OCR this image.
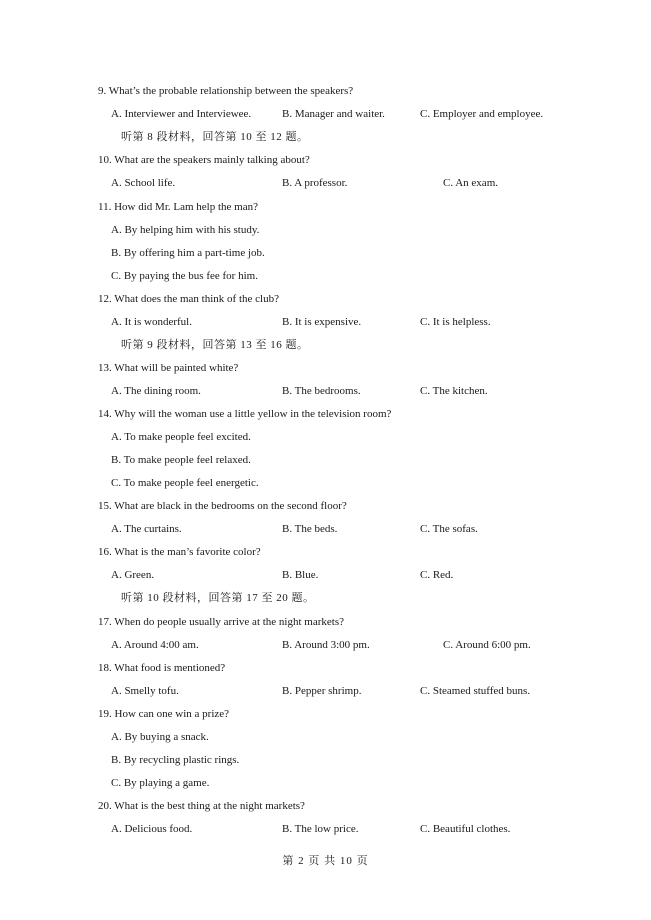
9. What’s the probable relationship between the speakers?
A. Interviewer and Interviewee.	B. Manager and waiter.	C. Employer and employee.
听第 8 段材料，回答第 10 至 12 题。
10. What are the speakers mainly talking about?
A. School life.	B. A professor.	C. An exam.
11. How did Mr. Lam help the man?
A. By helping him with his study.
B. By offering him a part-time job.
C. By paying the bus fee for him.
12. What does the man think of the club?
A. It is wonderful.	B. It is expensive.	C. It is helpless.
听第 9 段材料，回答第 13 至 16 题。
13. What will be painted white?
A. The dining room.	B. The bedrooms.	C. The kitchen.
14. Why will the woman use a little yellow in the television room?
A. To make people feel excited.
B. To make people feel relaxed.
C. To make people feel energetic.
15. What are black in the bedrooms on the second floor?
A. The curtains.	B. The beds.	C. The sofas.
16. What is the man’s favorite color?
A. Green.	B. Blue.	C. Red.
听第 10 段材料，回答第 17 至 20 题。
17. When do people usually arrive at the night markets?
A. Around 4:00 am.	B. Around 3:00 pm.	C. Around 6:00 pm.
18. What food is mentioned?
A. Smelly tofu.	B. Pepper shrimp.	C. Steamed stuffed buns.
19. How can one win a prize?
A. By buying a snack.
B. By recycling plastic rings.
C. By playing a game.
20. What is the best thing at the night markets?
A. Delicious food.	B. The low price.	C. Beautiful clothes.
第 2 页 共 10 页
